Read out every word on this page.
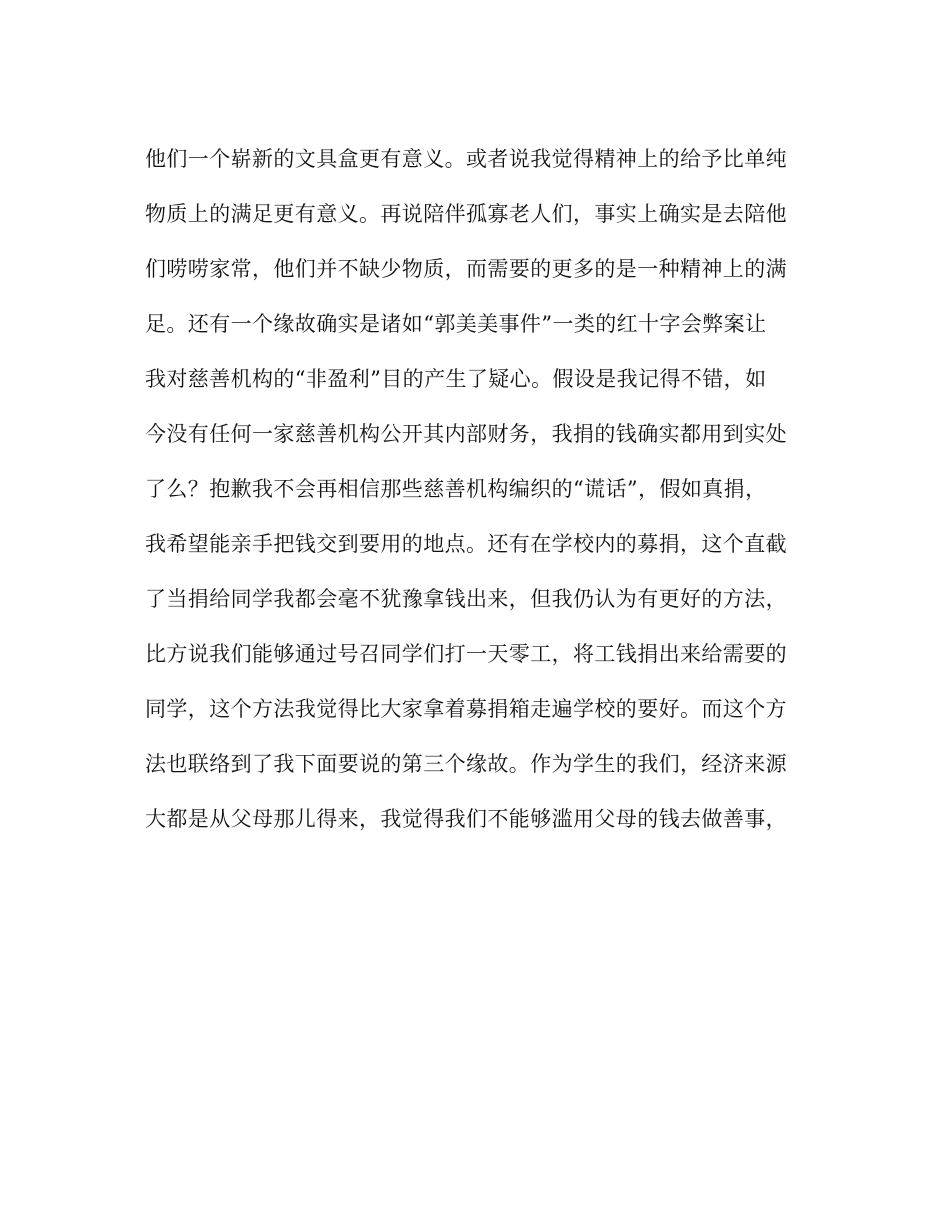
他们一个崭新的文具盒更有意义。或者说我觉得精神上的给予比单纯
物质上的满足更有意义。再说陪伴孤寡老人们，事实上确实是去陪他
们唠唠家常，他们并不缺少物质，而需要的更多的是一种精神上的满
足。还有一个缘故确实是诸如“郭美美事件”一类的红十字会弊案让
我对慈善机构的“非盈利”目的产生了疑心。假设是我记得不错，如
今没有任何一家慈善机构公开其内部财务，我捐的钱确实都用到实处
了么？抱歉我不会再相信那些慈善机构编织的“谎话”，假如真捐，
我希望能亲手把钱交到要用的地点。还有在学校内的募捐，这个直截
了当捐给同学我都会毫不犹豫拿钱出来，但我仍认为有更好的方法，
比方说我们能够通过号召同学们打一天零工，将工钱捐出来给需要的
同学，这个方法我觉得比大家拿着募捐箱走遍学校的要好。而这个方
法也联络到了我下面要说的第三个缘故。作为学生的我们，经济来源
大都是从父母那儿得来，我觉得我们不能够滥用父母的钱去做善事，
